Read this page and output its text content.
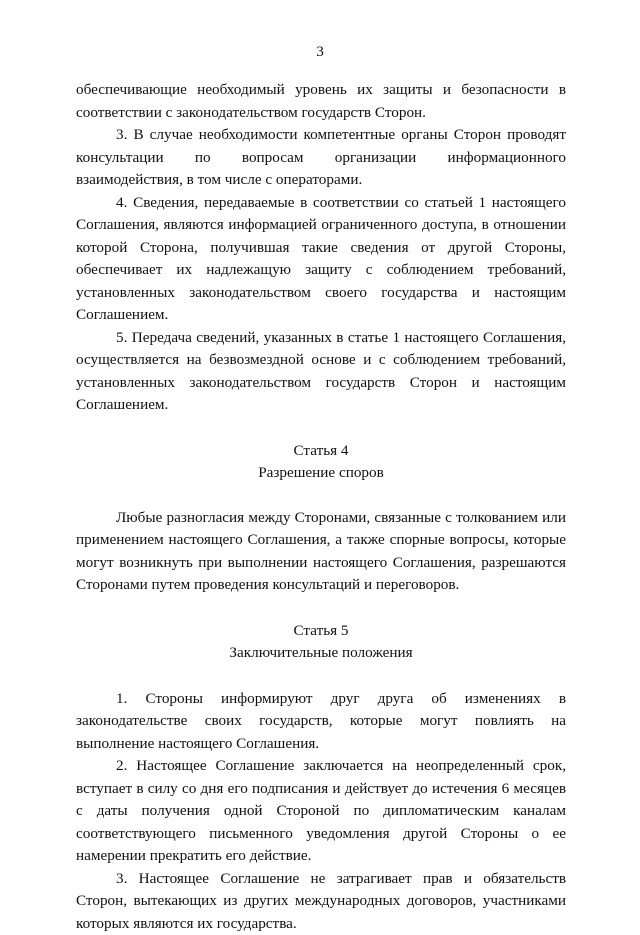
3

обеспечивающие необходимый уровень их защиты и безопасности в соответствии с законодательством государств Сторон.

3. В случае необходимости компетентные органы Сторон проводят консультации по вопросам организации информационного взаимодействия, в том числе с операторами.

4. Сведения, передаваемые в соответствии со статьей 1 настоящего Соглашения, являются информацией ограниченного доступа, в отношении которой Сторона, получившая такие сведения от другой Стороны, обеспечивает их надлежащую защиту с соблюдением требований, установленных законодательством своего государства и настоящим Соглашением.

5. Передача сведений, указанных в статье 1 настоящего Соглашения, осуществляется на безвозмездной основе и с соблюдением требований, установленных законодательством государств Сторон и настоящим Соглашением.

Статья 4

Разрешение споров

Любые разногласия между Сторонами, связанные с толкованием или применением настоящего Соглашения, а также спорные вопросы, которые могут возникнуть при выполнении настоящего Соглашения, разрешаются Сторонами путем проведения консультаций и переговоров.

Статья 5

Заключительные положения

1. Стороны информируют друг друга об изменениях в законодательстве своих государств, которые могут повлиять на выполнение настоящего Соглашения.

2. Настоящее Соглашение заключается на неопределенный срок, вступает в силу со дня его подписания и действует до истечения 6 месяцев с даты получения одной Стороной по дипломатическим каналам соответствующего письменного уведомления другой Стороны о ее намерении прекратить его действие.

3. Настоящее Соглашение не затрагивает прав и обязательств Сторон, вытекающих из других международных договоров, участниками которых являются их государства.
